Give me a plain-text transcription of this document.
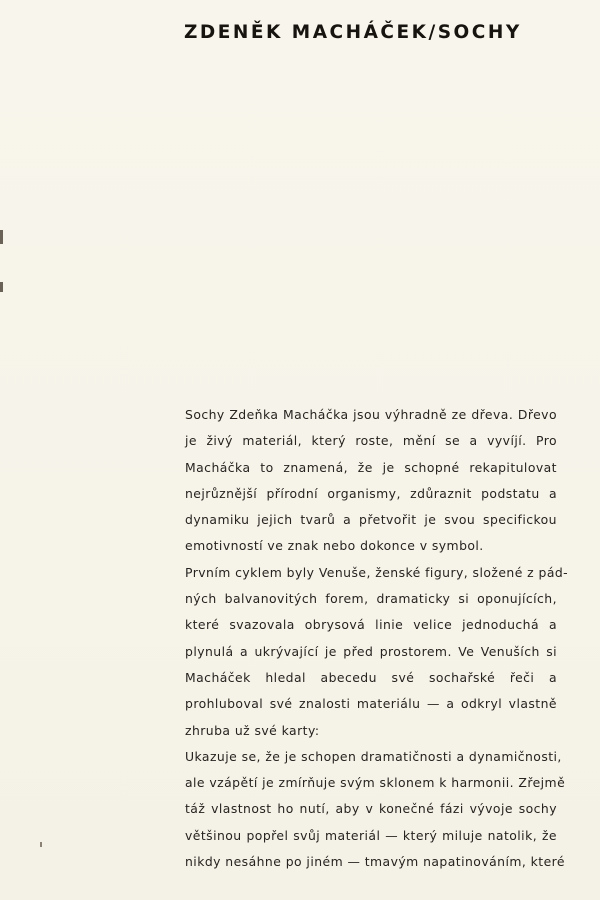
ZDENĚK MACHÁČEK/SOCHY
Sochy Zdeňka Macháčka jsou výhradně ze dřeva. Dřevo
je živý materiál, který roste, mění se a vyvíjí. Pro
Macháčka to znamená, že je schopné rekapitulovat
nejrůznější přírodní organismy, zdůraznit podstatu a
dynamiku jejich tvarů a přetvořit je svou specifickou
emotivností ve znak nebo dokonce v symbol.
Prvním cyklem byly Venuše, ženské figury, složené z pád-
ných balvanovitých forem, dramaticky si oponujících,
které svazovala obrysová linie velice jednoduchá a
plynulá a ukrývající je před prostorem. Ve Venuších si
Macháček hledal abecedu své sochařské řeči a
prohluboval své znalosti materiálu — a odkryl vlastně
zhruba už své karty:
Ukazuje se, že je schopen dramatičnosti a dynamičnosti,
ale vzápětí je zmírňuje svým sklonem k harmonii. Zřejmě
táž vlastnost ho nutí, aby v konečné fázi vývoje sochy
většinou popřel svůj materiál — který miluje natolik, že
nikdy nesáhne po jiném — tmavým napatinováním, které
